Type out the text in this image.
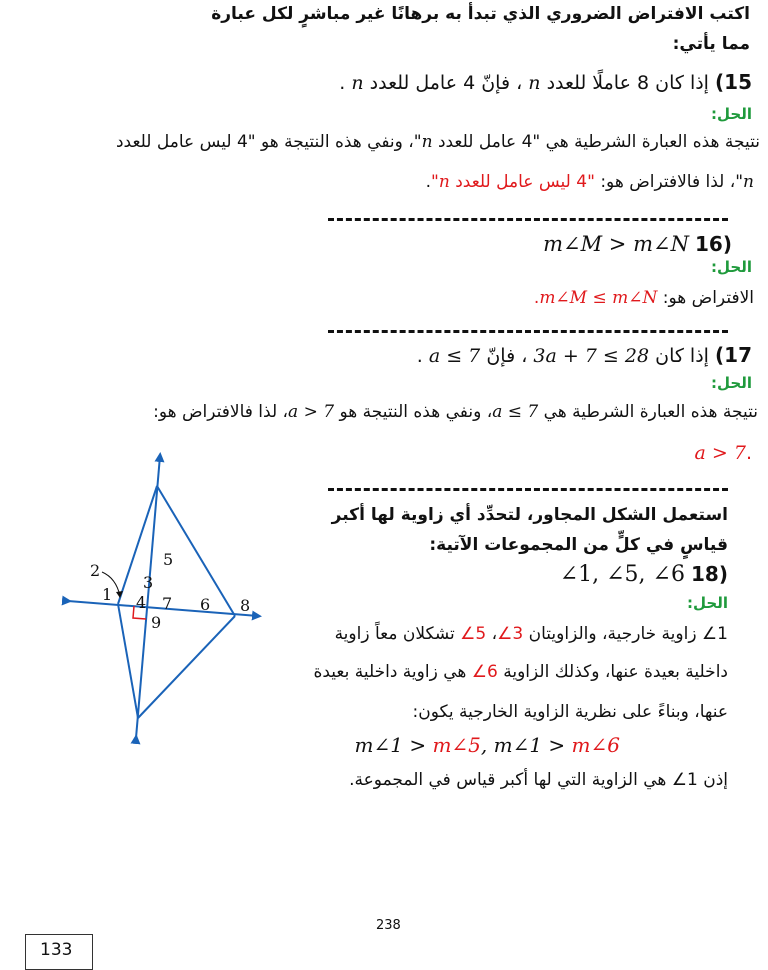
اكتب الافتراض الضروري الذي تبدأ به برهانًا غير مباشرٍ لكل عبارة

مما يأتي:

15) إذا كان 8 عاملًا للعدد n ، فإنّ 4 عامل للعدد n .

الحل:

نتيجة هذه العبارة الشرطية هي "4 عامل للعدد n"، ونفي هذه النتيجة هو "4 ليس عامل للعدد

n"، لذا فالافتراض هو: "4 ليس عامل للعدد n".

(16 m∠M > m∠N

الحل:

الافتراض هو: m∠M ≤ m∠N.

17) إذا كان 3a + 7 ≤ 28 ، فإنّ a ≤ 7 .

الحل:

نتيجة هذه العبارة الشرطية هي a ≤ 7، ونفي هذه النتيجة هو a > 7، لذا فالافتراض هو:

.a > 7

استعمل الشكل المجاور، لتحدِّد أي زاوية لها أكبر

قياسٍ في كلٍّ من المجموعات الآتية:

(18 ∠1, ∠5, ∠6

الحل:

1∠ زاوية خارجية، والزاويتان 3∠، 5∠ تشكلان معاً زاوية

داخلية بعيدة عنها، وكذلك الزاوية 6∠ هي زاوية داخلية بعيدة

عنها، وبناءً على نظرية الزاوية الخارجية يكون:

m∠1 > m∠5, m∠1 > m∠6

إذن 1∠ هي الزاوية التي لها أكبر قياس في المجموعة.

1
2
3
4
5
6
7	8
9

238

133
